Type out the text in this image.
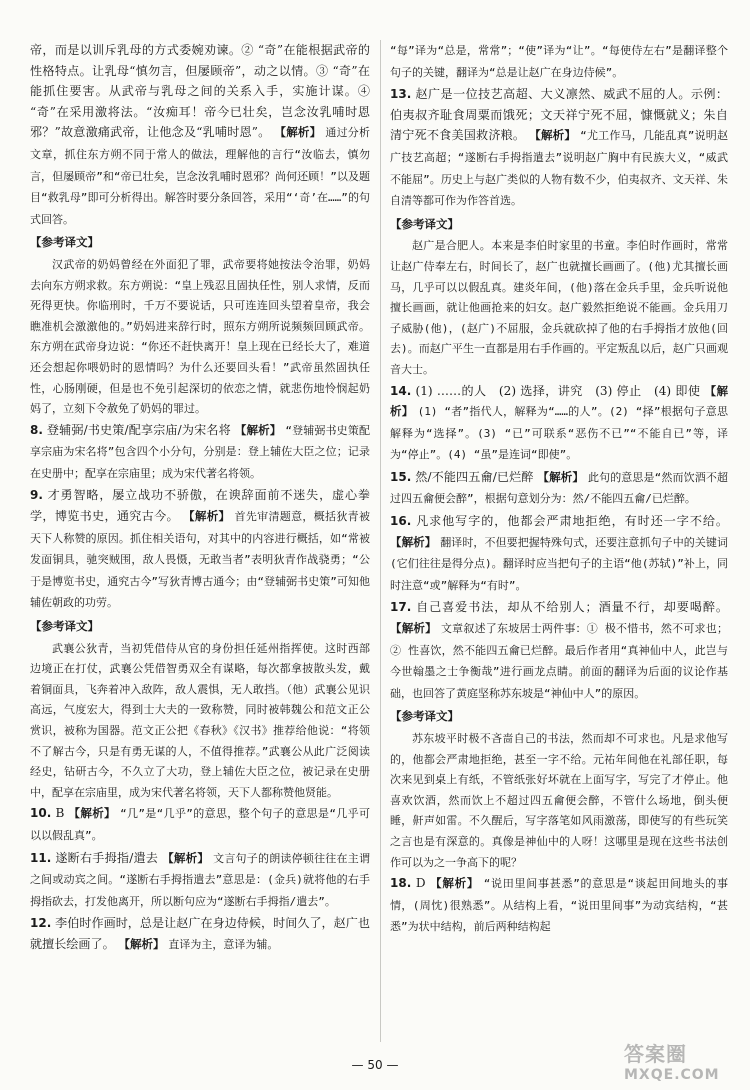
帝，而是以训斥乳母的方式委婉劝谏。② “奇”在能根据武帝的性格特点。让乳母“慎勿言，但屡顾帝”，动之以情。③ “奇”在能抓住要害。从武帝与乳母之间的关系入手，实施计谋。④ “奇”在采用激将法。“汝痴耳！帝今已壮矣，岂念汝乳哺时恩邪？”故意激痛武帝，让他念及“乳哺时恩”。 【解析】 通过分析文章，抓住东方朔不同于常人的做法，理解他的言行“汝临去，慎勿言，但屡顾帝”和“帝已壮矣，岂念汝乳哺时恩邪？尚何还顾！”以及题目“救乳母”即可分析得出。解答时要分条回答，采用“‘奇’在……”的句式回答。

【参考译文】

汉武帝的奶妈曾经在外面犯了罪，武帝要将她按法令治罪，奶妈去向东方朔求救。东方朔说：“皇上残忍且固执任性，别人求情，反而死得更快。你临刑时，千万不要说话，只可连连回头望着皇帝，我会瞧准机会激激他的。”奶妈进来辞行时，照东方朔所说频频回顾武帝。东方朔在武帝身边说：“你还不赶快离开！皇上现在已经长大了，难道还会想起你喂奶时的恩情吗？为什么还要回头看！”武帝虽然固执任性，心肠刚硬，但是也不免引起深切的依恋之情，就悲伤地怜悯起奶妈了，立刻下令赦免了奶妈的罪过。

8. 登辅弼/书史策/配享宗庙/为宋名将 【解析】 “登辅弼书史策配享宗庙为宋名将”包含四个小分句，分别是：登上辅佐大臣之位；记录在史册中；配享在宗庙里；成为宋代著名将领。

9. 才勇智略，屡立战功不骄傲，在谀辞面前不迷失，虚心拳学，博览书史，通究古今。 【解析】 首先审清题意，概括狄青被天下人称赞的原因。抓住相关语句，对其中的内容进行概括，如“常被发面铜具，驰突贼围，敌人畏慑，无敢当者”表明狄青作战骁勇；“公于是博览书史，通究古今”写狄青博古通今；由“登辅弼书史策”可知他辅佐朝政的功劳。

【参考译文】

武襄公狄青，当初凭借侍从官的身份担任延州指挥使。这时西部边境正在打仗，武襄公凭借智勇双全有谋略，每次都拿披散头发，戴着铜面具，飞奔着冲入敌阵，敌人震惧，无人敢挡。（他）武襄公见识高远，气度宏大，得到士大夫的一致称赞，同时被韩魏公和范文正公赏识，被称为国器。范文正公把《春秋》《汉书》推荐给他说：“将领不了解古今，只是有勇无谋的人，不值得推荐。”武襄公从此广泛阅读经史，钻研古今，不久立了大功，登上辅佐大臣之位，被记录在史册中，配享在宗庙里，成为宋代著名将领，天下人都称赞他贤能。

10. B 【解析】 “几”是“几乎”的意思，整个句子的意思是“几乎可以以假乱真”。

11. 遂断右手拇指/遣去 【解析】 文言句子的朗读停顿往往在主谓之间或动宾之间。“遂断右手拇指遣去”意思是：(金兵)就将他的右手拇指砍去，打发他离开，所以断句应为“遂断右手拇指/遣去”。

12. 李伯时作画时，总是让赵广在身边侍候，时间久了，赵广也就擅长绘画了。 【解析】 直译为主，意译为辅。

“每”译为“总是，常常”；“使”译为“让”。“每使侍左右”是翻译整个句子的关键，翻译为“总是让赵广在身边侍候”。

13. 赵广是一位技艺高超、大义凛然、威武不屈的人。示例：伯夷叔齐耻食周粟而饿死；文天祥宁死不屈，慷慨就义；朱自清宁死不食美国救济粮。 【解析】 “尤工作马，几能乱真”说明赵广技艺高超；“遂断右手拇指遣去”说明赵广胸中有民族大义，“威武不能屈”。历史上与赵广类似的人物有数不少，伯夷叔齐、文天祥、朱自清等都可作为作答首选。

【参考译文】

赵广是合肥人。本来是李伯时家里的书童。李伯时作画时，常常让赵广侍奉左右，时间长了，赵广也就擅长画画了。(他)尤其擅长画马，几乎可以以假乱真。建炎年间，(他)落在金兵手里，金兵听说他擅长画画，就让他画抢来的妇女。赵广毅然拒绝说不能画。金兵用刀子威胁(他)，(赵广)不屈服，金兵就砍掉了他的右手拇指才放他(回去)。而赵广平生一直都是用右手作画的。平定叛乱以后，赵广只画观音大士。

14. (1) ……的人　(2) 选择，讲究　(3) 停止　(4) 即使 【解析】 (1) “者”指代人，解释为“……的人”。(2) “择”根据句子意思解释为“选择”。(3) “已”可联系“恶伤不已”“不能自已”等，译为“停止”。(4) “虽”是连词“即使”。

15. 然/不能四五龠/已烂醉 【解析】 此句的意思是“然而饮酒不超过四五龠便会醉”，根据句意划分为：然/不能四五龠/已烂醉。

16. 凡求他写字的，他都会严肃地拒绝，有时还一字不给。 【解析】 翻译时，不但要把握特殊句式，还要注意抓句子中的关键词(它们往往是得分点)。翻译时应当把句子的主语“他(苏轼)”补上，同时注意“或”解释为“有时”。

17. 自己喜爱书法，却从不给别人；酒量不行，却要喝醉。 【解析】 文章叙述了东坡居士两件事：① 极不惜书，然不可求也；② 性喜饮，然不能四五龠已烂醉。最后作者用“真神仙中人，此岂与今世翰墨之士争衡哉”进行画龙点睛。前面的翻译为后面的议论作基础，也回答了黄庭坚称苏东坡是“神仙中人”的原因。

【参考译文】

苏东坡平时极不吝啬自己的书法，然而却不可求也。凡是求他写的，他都会严肃地拒绝，甚至一字不给。元祐年间他在礼部任职，每次来见到桌上有纸，不管纸张好坏就在上面写字，写完了才停止。他喜欢饮酒，然而饮上不超过四五龠便会醉，不管什么场地，倒头便睡，鼾声如雷。不久醒后，写字落笔如风雨激荡，即使写的有些玩笑之言也是有深意的。真像是神仙中的人呀！这哪里是现在这些书法创作可以为之一争高下的呢？

18. D 【解析】 “说田里间事甚悉”的意思是“谈起田间地头的事情，(周忱)很熟悉”。从结构上看，“说田里间事”为动宾结构，“甚悉”为状中结构，前后两种结构起

— 50 —	答案圈
MXQE.COM
